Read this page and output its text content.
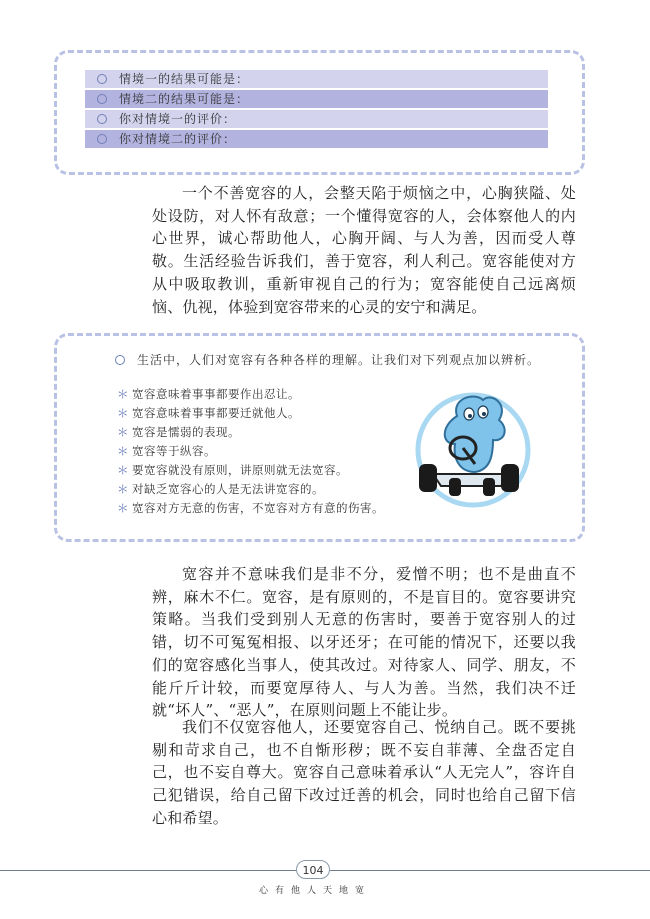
情境一的结果可能是：
情境二的结果可能是：
你对情境一的评价：
你对情境二的评价：

一个不善宽容的人，会整天陷于烦恼之中，心胸狭隘、处处设防，对人怀有敌意；一个懂得宽容的人，会体察他人的内心世界，诚心帮助他人，心胸开阔、与人为善，因而受人尊敬。生活经验告诉我们，善于宽容，利人利己。宽容能使对方从中吸取教训，重新审视自己的行为；宽容能使自己远离烦恼、仇视，体验到宽容带来的心灵的安宁和满足。

生活中，人们对宽容有各种各样的理解。让我们对下列观点加以辨析。
＊ 宽容意味着事事都要作出忍让。
＊ 宽容意味着事事都要迁就他人。
＊ 宽容是懦弱的表现。
＊ 宽容等于纵容。
＊ 要宽容就没有原则，讲原则就无法宽容。
＊ 对缺乏宽容心的人是无法讲宽容的。
＊ 宽容对方无意的伤害，不宽容对方有意的伤害。

宽容并不意味我们是非不分，爱憎不明；也不是曲直不辨，麻木不仁。宽容，是有原则的，不是盲目的。宽容要讲究策略。当我们受到别人无意的伤害时，要善于宽容别人的过错，切不可冤冤相报、以牙还牙；在可能的情况下，还要以我们的宽容感化当事人，使其改过。对待家人、同学、朋友，不能斤斤计较，而要宽厚待人、与人为善。当然，我们决不迁就“坏人”、“恶人”，在原则问题上不能让步。

我们不仅宽容他人，还要宽容自己、悦纳自己。既不要挑剔和苛求自己，也不自惭形秽；既不妄自菲薄、全盘否定自己，也不妄自尊大。宽容自己意味着承认“人无完人”，容许自己犯错误，给自己留下改过迁善的机会，同时也给自己留下信心和希望。

104
心有他人天地宽
